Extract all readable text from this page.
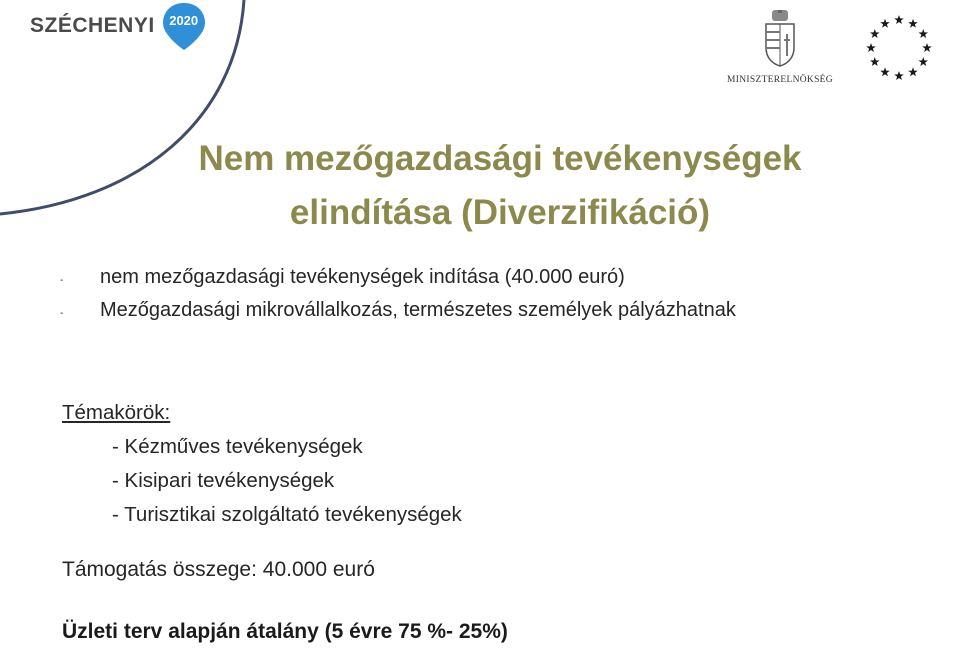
SZÉCHENYI	2020
MINISZTERELNÖKSÉG
Nem mezőgazdasági tevékenységek
elindítása (Diverzifikáció)
-	nem mezőgazdasági tevékenységek indítása (40.000 euró)
-	Mezőgazdasági mikrovállalkozás, természetes személyek pályázhatnak
Témakörök:
- Kézműves tevékenységek
- Kisipari tevékenységek
- Turisztikai szolgáltató tevékenységek
Támogatás összege: 40.000 euró
Üzleti terv alapján átalány (5 évre 75 %- 25%)
